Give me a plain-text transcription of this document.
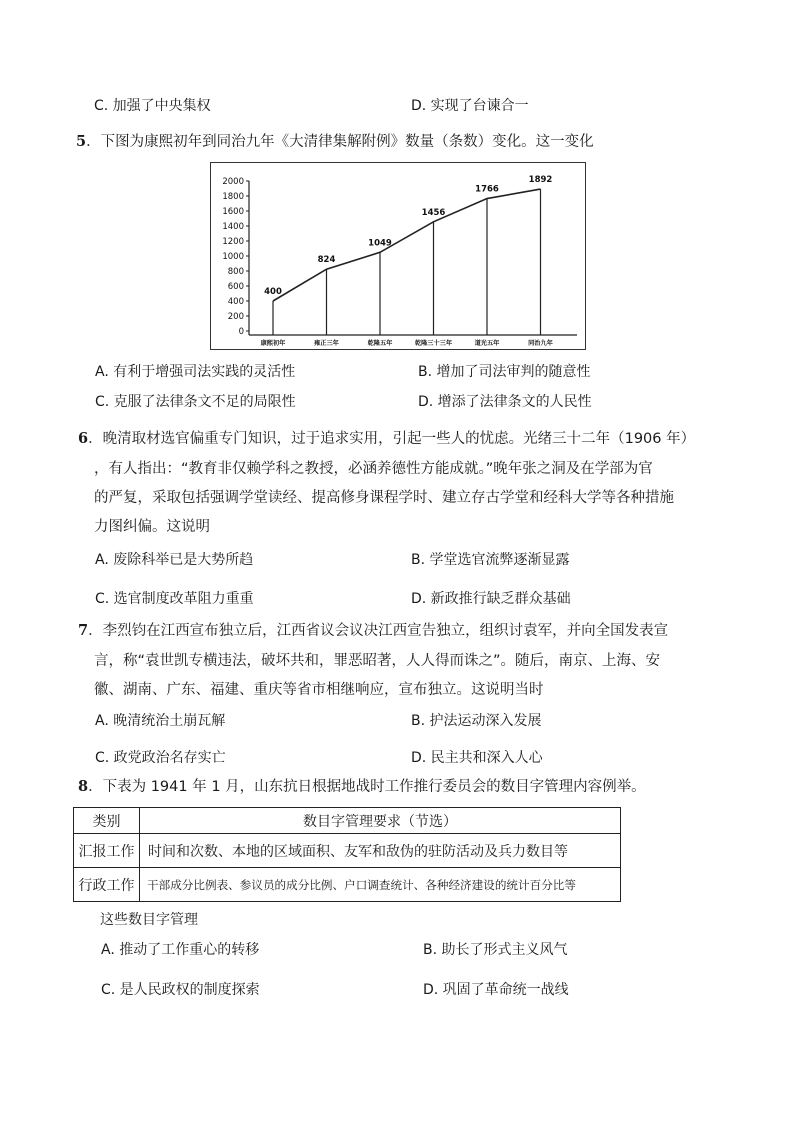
C. 加强了中央集权	D. 实现了台谏合一
5．下图为康熙初年到同治九年《大清律集解附例》数量（条数）变化。这一变化
0
200
400
600
800
1000
1200
1400
1600
1800
2000
400
824
1049
1456
1766
1892
康熙初年	雍正三年	乾隆五年	乾隆三十三年	道光五年	同治九年
A. 有利于增强司法实践的灵活性	B. 增加了司法审判的随意性
C. 克服了法律条文不足的局限性	D. 增添了法律条文的人民性
6．晚清取材选官偏重专门知识，过于追求实用，引起一些人的忧虑。光绪三十二年（1906 年）
，有人指出：“教育非仅赖学科之教授，必涵养德性方能成就。”晚年张之洞及在学部为官
的严复，采取包括强调学堂读经、提高修身课程学时、建立存古学堂和经科大学等各种措施
力图纠偏。这说明
A. 废除科举已是大势所趋	B. 学堂选官流弊逐渐显露
C. 选官制度改革阻力重重	D. 新政推行缺乏群众基础
7．李烈钧在江西宣布独立后，江西省议会议决江西宣告独立，组织讨袁军，并向全国发表宣
言，称“袁世凯专横违法，破坏共和，罪恶昭著，人人得而诛之”。随后，南京、上海、安
徽、湖南、广东、福建、重庆等省市相继响应，宣布独立。这说明当时
A. 晚清统治土崩瓦解	B. 护法运动深入发展
C. 政党政治名存实亡	D. 民主共和深入人心
8．下表为 1941 年 1 月，山东抗日根据地战时工作推行委员会的数目字管理内容例举。
类别	数目字管理要求（节选）
汇报工作	时间和次数、本地的区域面积、友军和敌伪的驻防活动及兵力数目等
行政工作	干部成分比例表、参议员的成分比例、户口调查统计、各种经济建设的统计百分比等
这些数目字管理
A. 推动了工作重心的转移	B. 助长了形式主义风气
C. 是人民政权的制度探索	D. 巩固了革命统一战线
